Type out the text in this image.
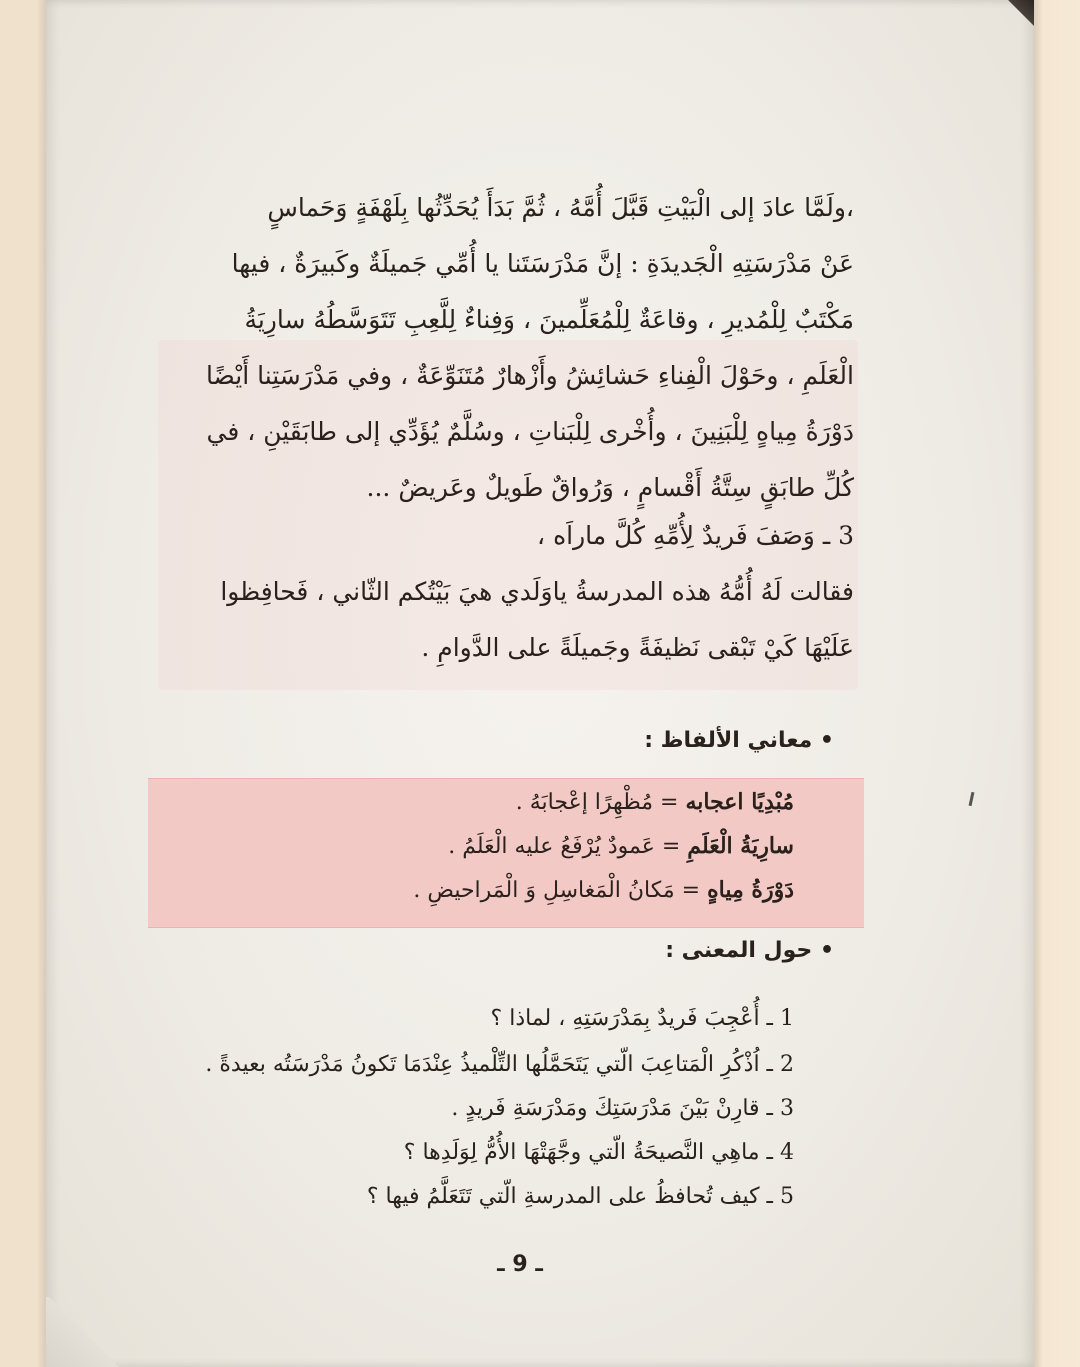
،ولَمَّا عادَ إلى الْبَيْتِ قَبَّلَ أُمَّهُ ، ثُمَّ بَدَأَ يُحَدِّثُها بِلَهْفَةٍ وَحَماسٍ
عَنْ مَدْرَسَتِهِ الْجَديدَةِ : إنَّ مَدْرَسَتَنا يا أُمِّي جَميلَةٌ وكَبيرَةٌ ، فيها
مَكْتَبٌ لِلْمُديرِ ، وقاعَةٌ لِلْمُعَلِّمينَ ، وَفِناءٌ لِلَّعِبِ تَتَوَسَّطُهُ سارِيَةُ
الْعَلَمِ ، وحَوْلَ الْفِناءِ حَشائِشُ وأَزْهارٌ مُتَنَوِّعَةٌ ، وفي مَدْرَسَتِنا أَيْضًا
دَوْرَةُ مِياهٍ لِلْبَنِينَ ، وأُخْرى لِلْبَناتِ ، وسُلَّمٌ يُؤَدِّي إلى طابَقَيْنِ ، في
كُلِّ طابَقٍ سِتَّةُ أَقْسامٍ ، وَرُواقٌ طَويلٌ وعَريضٌ ...
3 ـ وَصَفَ فَريدٌ لِأُمِّهِ كُلَّ ماراَه ،
فقالت لَهُ أُمُّهُ هذه المدرسةُ ياوَلَدي هيَ بَيْتُكم الثّاني ، فَحافِظوا
عَلَيْهَا كَيْ تَبْقى نَظيفَةً وجَميلَةً على الدَّوامِ .
• معاني الألفاظ :
مُبْدِيًا اعجابه = مُظْهِرًا إعْجابَهُ .
سارِيَةُ الْعَلَمِ = عَمودٌ يُرْفَعُ عليه الْعَلَمُ .
دَوْرَةُ مِياهٍ = مَكانُ الْمَغاسِلِ وَ الْمَراحيضِ .
• حول المعنى :
1 ـ أُعْجِبَ فَريدٌ بِمَدْرَسَتِهِ ، لماذا ؟
2 ـ اُذْكُرِ الْمَتاعِبَ الّتي يَتَحَمَّلُها التِّلْميذُ عِنْدَمَا تَكونُ مَدْرَسَتُه بعيدةً .
3 ـ قارِنْ بَيْنَ مَدْرَسَتِكَ ومَدْرَسَةِ فَريدٍ .
4 ـ ماهِي النَّصيحَةُ الّتي وجَّهَتْهَا الأُمُّ لِوَلَدِها ؟
5 ـ كيف تُحافظُ على المدرسةِ الّتي تَتَعَلَّمُ فيها ؟
ـ 9 ـ
